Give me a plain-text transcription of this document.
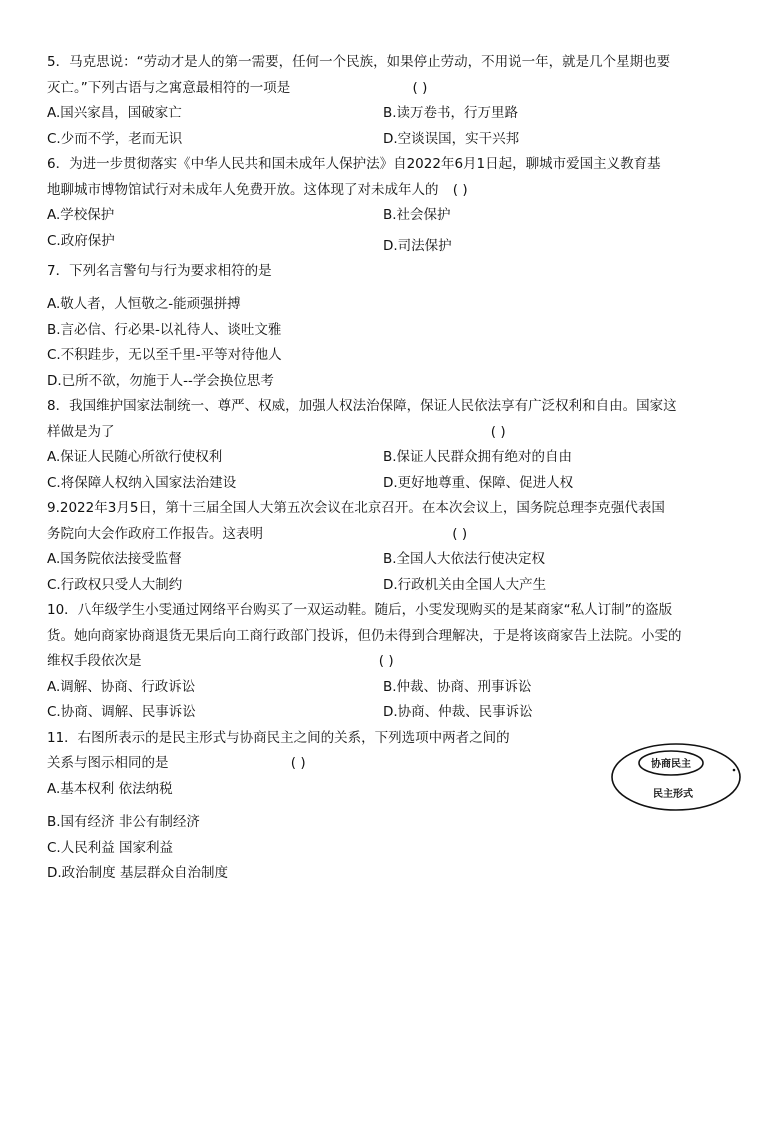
5．马克思说：“劳动才是人的第一需要，任何一个民族，如果停止劳动，不用说一年，就是几个星期也要
灭亡。”下列古语与之寓意最相符的一项是	( )
A.国兴家昌，国破家亡	B.读万卷书，行万里路
C.少而不学，老而无识	D.空谈误国，实干兴邦
6．为进一步贯彻落实《中华人民共和国未成年人保护法》自2022年6月1日起，聊城市爱国主义教育基
地聊城市博物馆试行对未成年人免费开放。这体现了对未成年人的 ( )
A.学校保护	B.社会保护
C.政府保护	D.司法保护
7．下列名言警句与行为要求相符的是
A.敬人者，人恒敬之-能顽强拼搏
B.言必信、行必果-以礼待人、谈吐文雅
C.不积跬步，无以至千里-平等对待他人
D.已所不欲，勿施于人--学会换位思考
8．我国维护国家法制统一、尊严、权威，加强人权法治保障，保证人民依法享有广泛权利和自由。国家这
样做是为了	( )
A.保证人民随心所欲行使权利	B.保证人民群众拥有绝对的自由
C.将保障人权纳入国家法治建设	D.更好地尊重、保障、促进人权
9.2022年3月5日，第十三届全国人大第五次会议在北京召开。在本次会议上，国务院总理李克强代表国
务院向大会作政府工作报告。这表明	( )
A.国务院依法接受监督	B.全国人大依法行使决定权
C.行政权只受人大制约	D.行政机关由全国人大产生
10．八年级学生小雯通过网络平台购买了一双运动鞋。随后，小雯发现购买的是某商家“私人订制”的盗版
货。她向商家协商退货无果后向工商行政部门投诉，但仍未得到合理解决，于是将该商家告上法院。小雯的
维权手段依次是	( )
A.调解、协商、行政诉讼	B.仲裁、协商、刑事诉讼
C.协商、调解、民事诉讼	D.协商、仲裁、民事诉讼
11．右图所表示的是民主形式与协商民主之间的关系，下列选项中两者之间的
关系与图示相同的是	( )
A.基本权利 依法纳税
B.国有经济 非公有制经济
C.人民利益 国家利益
D.政治制度 基层群众自治制度
协商民主
民主形式
